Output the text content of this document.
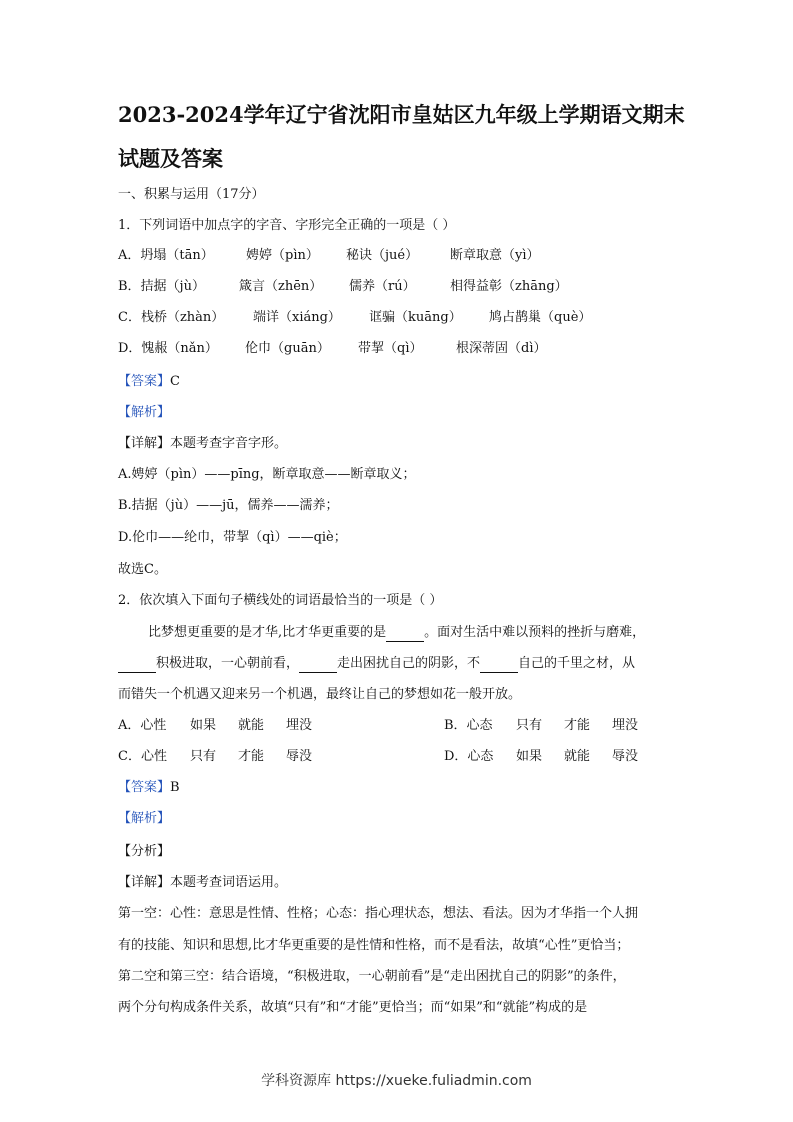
2023-2024学年辽宁省沈阳市皇姑区九年级上学期语文期末
试题及答案
一、积累与运用（17分）
1．下列词语中加点字的字音、字形完全正确的一项是（ ）
A．坍塌（tān） 娉婷（pìn） 秘诀（jué） 断章取意（yì）
B．拮据（jù）	箴言（zhēn） 儒养（rú）	相得益彰（zhāng）
C．栈桥（zhàn） 端详（xiáng） 诓骗（kuāng） 鸠占鹊巢（què）
D．愧赧（nǎn） 伦巾（guān） 带挈（qì）	根深蒂固（dì）
【答案】C
【解析】
【详解】本题考查字音字形。
A.娉婷（pìn）——pīng，断章取意——断章取义；
B.拮据（jù）——jū，儒养——濡养；
D.伦巾——纶巾，带挈（qì）——qiè；
故选C。
2．依次填入下面句子横线处的词语最恰当的一项是（ ）
比梦想更重要的是才华,比才华更重要的是	。面对生活中难以预料的挫折与磨难，
积极进取，一心朝前看，	走出困扰自己的阴影，不	自己的千里之材，从
而错失一个机遇又迎来另一个机遇，最终让自己的梦想如花一般开放。
A．心性 如果 就能 埋没	B．心态 只有 才能 埋没
C．心性 只有 才能 辱没	D．心态 如果 就能 辱没
【答案】B
【解析】
【分析】
【详解】本题考查词语运用。
第一空：心性：意思是性情、性格；心态：指心理状态，想法、看法。因为才华指一个人拥
有的技能、知识和思想,比才华更重要的是性情和性格，而不是看法，故填“心性”更恰当；
第二空和第三空：结合语境，“积极进取，一心朝前看”是“走出困扰自己的阴影”的条件，
两个分句构成条件关系，故填“只有”和“才能”更恰当；而“如果”和“就能”构成的是
学科资源库 https://xueke.fuliadmin.com
